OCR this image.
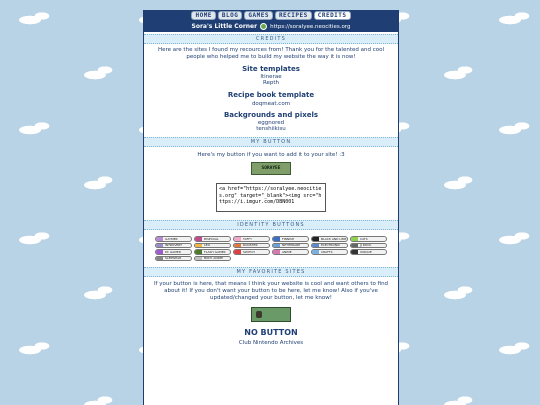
HOME	BLOG	GAMES	RECIPES	CREDITS
Sora's Little Corner https://soralyee.neocities.org
CREDITS
Here are the sites I found my recources from! Thank you for the talented and cool people who helped me to build my website the way it is now!
Site templates
Itinerae
Repth
Recipe book template
doqmeat.com
Backgrounds and pixels
eggnored
tenshiikisu
MY BUTTON
Here's my button if you want to add it to your site! :3
SORAYEE
<a href="https://soralyee.neocities.org" target="_blank"><img src="https://i.imgur.com/DBN001
IDENTITY BUTTONS
GAYMER	BISEXUAL	TAFFY	FINNISH	BLACK AND LIME	CATS
INTROVERT	LEO	ROOSTER	NETHERARE	ELECTRONIC	JJ ROCK
PC GAMER	FLASH GAMER	SWITCH	ANIME	CRAFTS	UNIQUE
SLEPWEAR	BODY ANIME
MY FAVORITE SITES
If your button is here, that means I think your website is cool and want others to find about it! If you don't want your button to be here, let me know! Also if you've updated/changed your button, let me know!
NO BUTTON
Club Nintendo Archives
